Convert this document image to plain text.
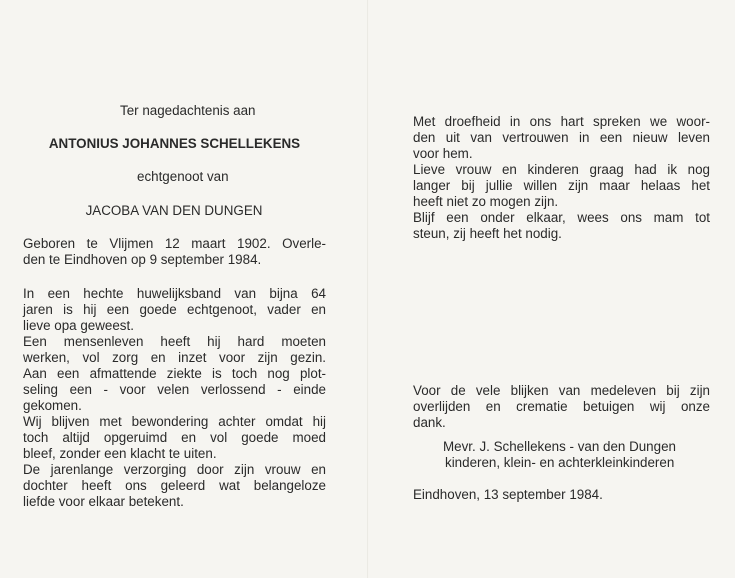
Ter nagedachtenis aan
ANTONIUS JOHANNES SCHELLEKENS
echtgenoot van
JACOBA VAN DEN DUNGEN
Geboren te Vlijmen 12 maart 1902. Overle-
den te Eindhoven op 9 september 1984.
In een hechte huwelijksband van bijna 64
jaren is hij een goede echtgenoot, vader en
lieve opa geweest.
Een mensenleven heeft hij hard moeten
werken, vol zorg en inzet voor zijn gezin.
Aan een afmattende ziekte is toch nog plot-
seling een - voor velen verlossend - einde
gekomen.
Wij blijven met bewondering achter omdat hij
toch altijd opgeruimd en vol goede moed
bleef, zonder een klacht te uiten.
De jarenlange verzorging door zijn vrouw en
dochter heeft ons geleerd wat belangeloze
liefde voor elkaar betekent.
Met droefheid in ons hart spreken we woor-
den uit van vertrouwen in een nieuw leven
voor hem.
Lieve vrouw en kinderen graag had ik nog
langer bij jullie willen zijn maar helaas het
heeft niet zo mogen zijn.
Blijf een onder elkaar, wees ons mam tot
steun, zij heeft het nodig.
Voor de vele blijken van medeleven bij zijn
overlijden en crematie betuigen wij onze
dank.
Mevr. J. Schellekens - van den Dungen
kinderen, klein- en achterkleinkinderen
Eindhoven, 13 september 1984.
